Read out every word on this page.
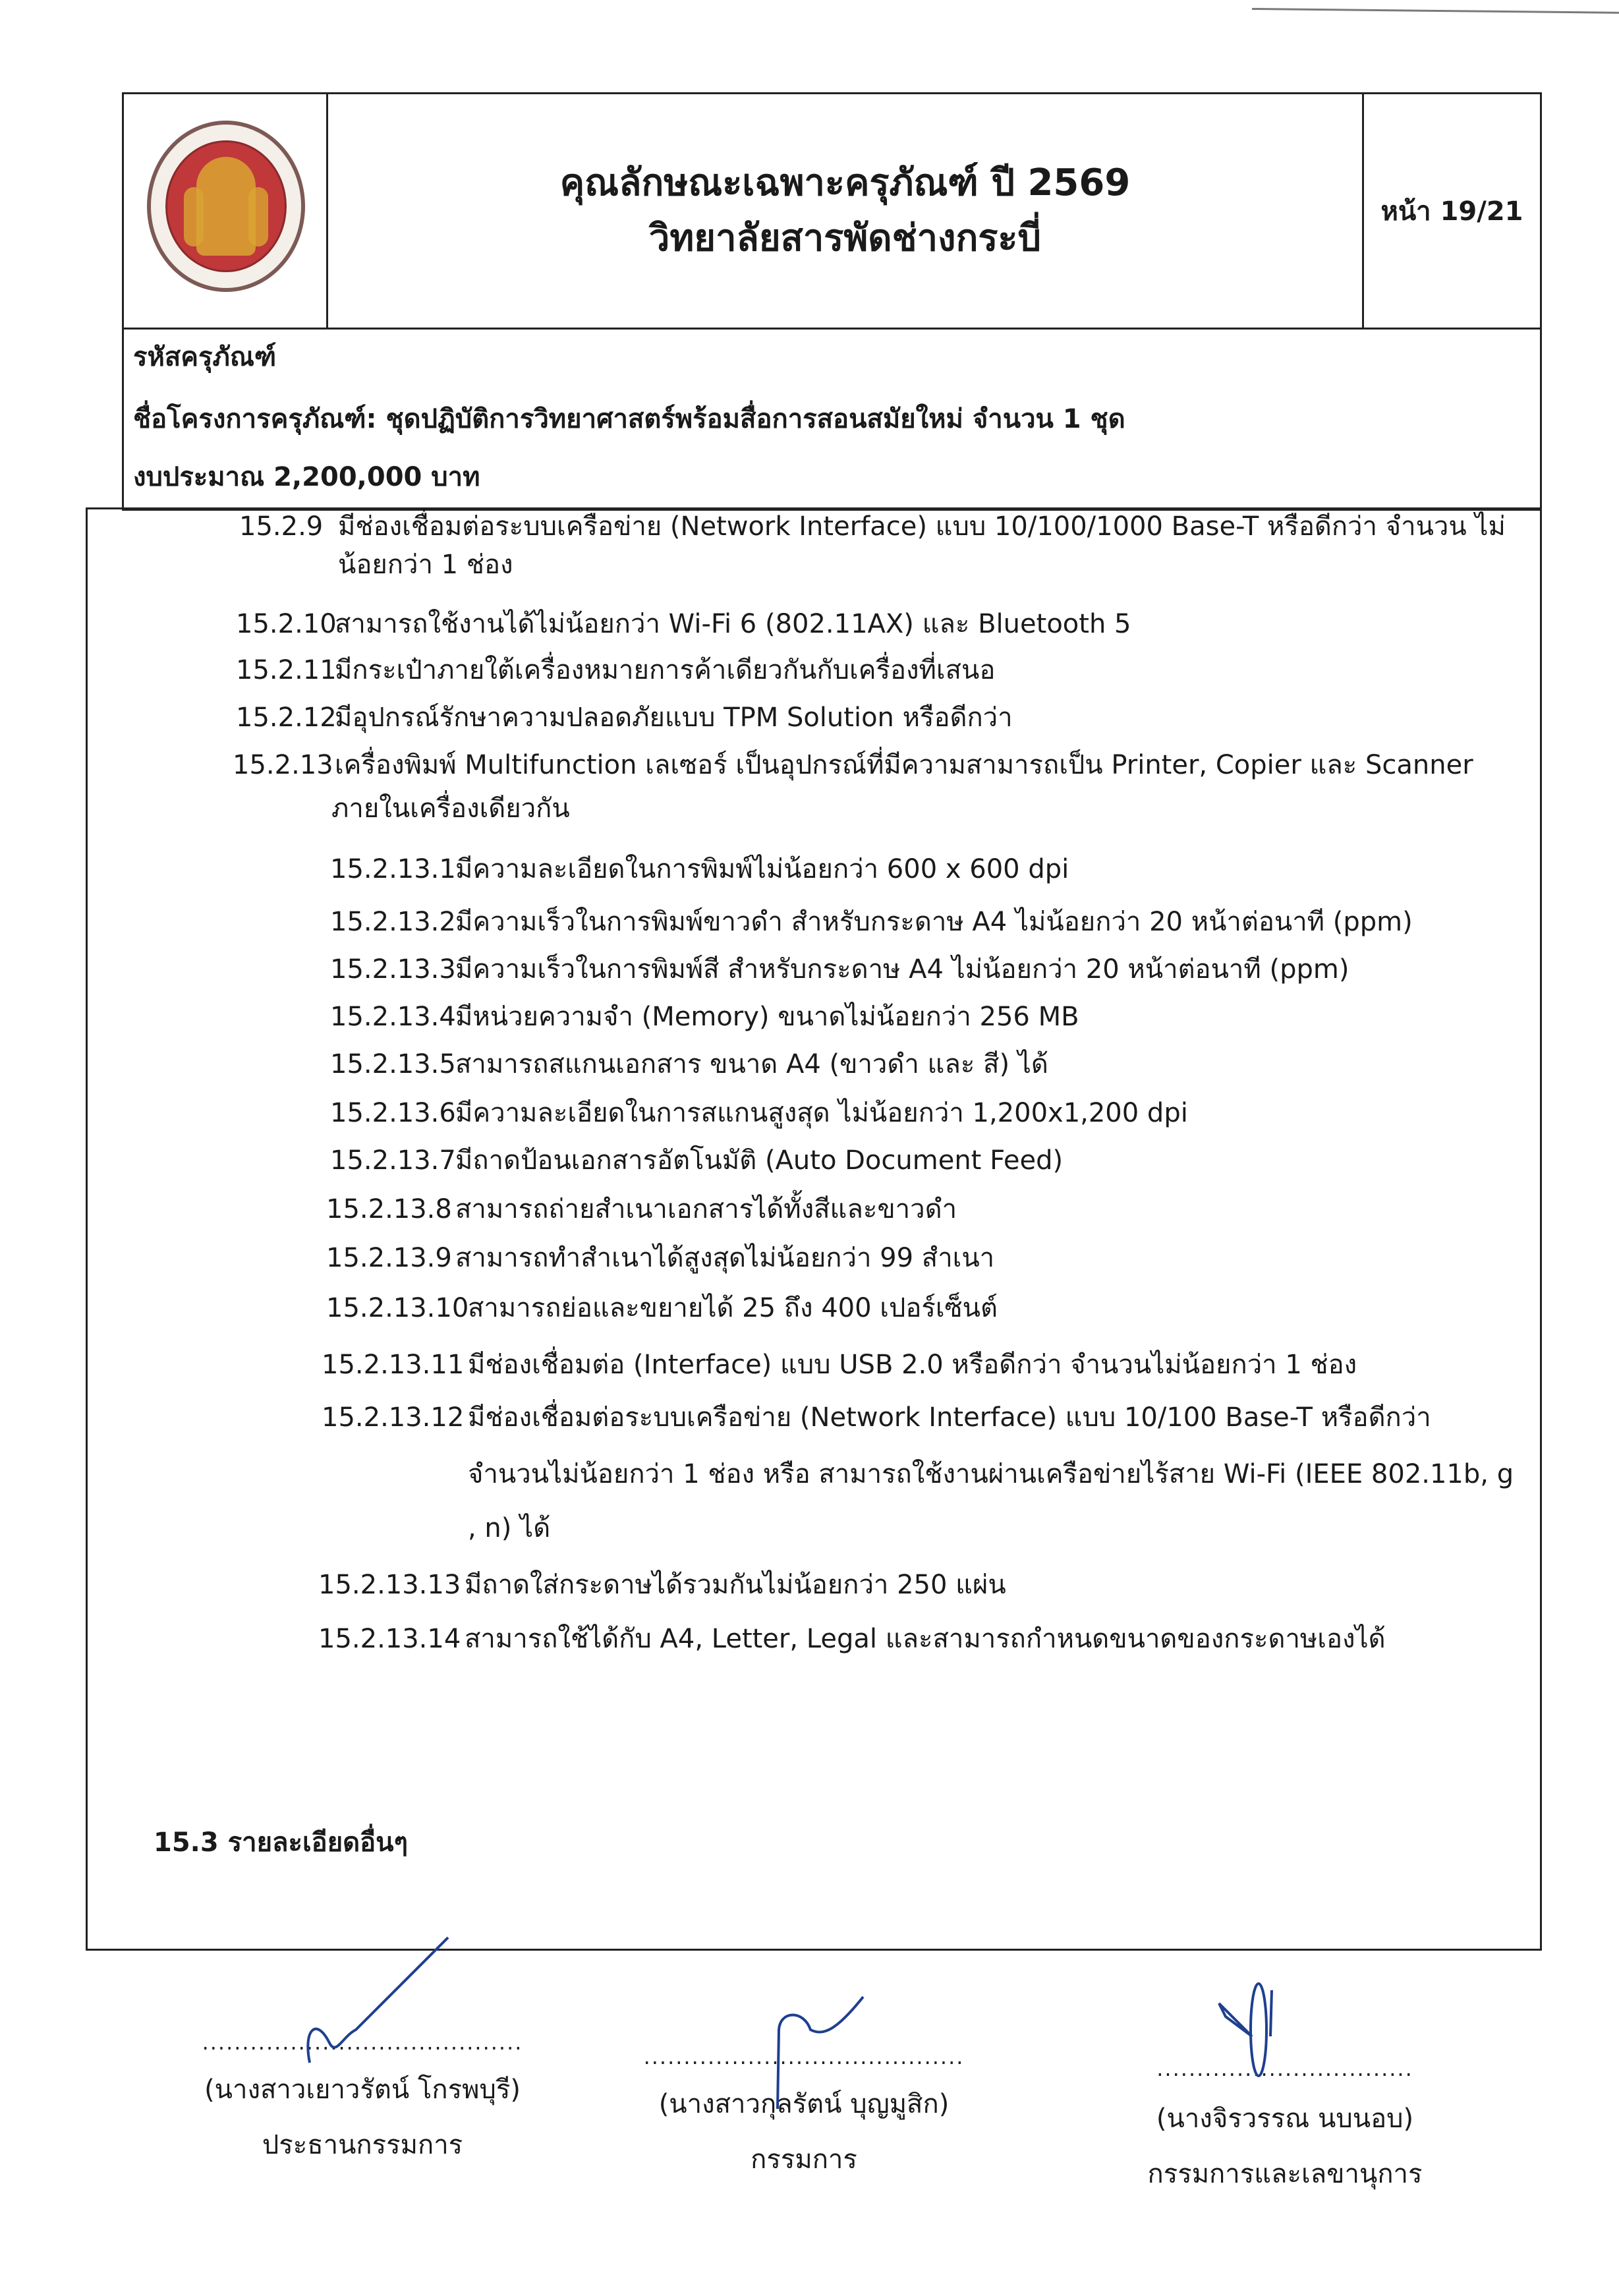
คุณลักษณะเฉพาะครุภัณฑ์ ปี 2569
วิทยาลัยสารพัดช่างกระบี่
หน้า 19/21
รหัสครุภัณฑ์
ชื่อโครงการครุภัณฑ์: ชุดปฏิบัติการวิทยาศาสตร์พร้อมสื่อการสอนสมัยใหม่ จำนวน 1 ชุด
งบประมาณ 2,200,000 บาท
15.2.9 มีช่องเชื่อมต่อระบบเครือข่าย (Network Interface) แบบ 10/100/1000 Base-T หรือดีกว่า จำนวน ไม่
น้อยกว่า 1 ช่อง
15.2.10สามารถใช้งานได้ไม่น้อยกว่า Wi-Fi 6 (802.11AX) และ Bluetooth 5
15.2.11มีกระเป๋าภายใต้เครื่องหมายการค้าเดียวกันกับเครื่องที่เสนอ
15.2.12มีอุปกรณ์รักษาความปลอดภัยแบบ TPM Solution หรือดีกว่า
15.2.13เครื่องพิมพ์ Multifunction เลเซอร์ เป็นอุปกรณ์ที่มีความสามารถเป็น Printer, Copier และ Scanner
ภายในเครื่องเดียวกัน
15.2.13.1มีความละเอียดในการพิมพ์ไม่น้อยกว่า 600 x 600 dpi
15.2.13.2มีความเร็วในการพิมพ์ขาวดำ สำหรับกระดาษ A4 ไม่น้อยกว่า 20 หน้าต่อนาที (ppm)
15.2.13.3มีความเร็วในการพิมพ์สี สำหรับกระดาษ A4 ไม่น้อยกว่า 20 หน้าต่อนาที (ppm)
15.2.13.4มีหน่วยความจำ (Memory) ขนาดไม่น้อยกว่า 256 MB
15.2.13.5สามารถสแกนเอกสาร ขนาด A4 (ขาวดำ และ สี) ได้
15.2.13.6มีความละเอียดในการสแกนสูงสุด ไม่น้อยกว่า 1,200x1,200 dpi
15.2.13.7มีถาดป้อนเอกสารอัตโนมัติ (Auto Document Feed)
15.2.13.8 สามารถถ่ายสำเนาเอกสารได้ทั้งสีและขาวดำ
15.2.13.9 สามารถทำสำเนาได้สูงสุดไม่น้อยกว่า 99 สำเนา
15.2.13.10สามารถย่อและขยายได้ 25 ถึง 400 เปอร์เซ็นต์
15.2.13.11 มีช่องเชื่อมต่อ (Interface) แบบ USB 2.0 หรือดีกว่า จำนวนไม่น้อยกว่า 1 ช่อง
15.2.13.12 มีช่องเชื่อมต่อระบบเครือข่าย (Network Interface) แบบ 10/100 Base-T หรือดีกว่า
จำนวนไม่น้อยกว่า 1 ช่อง หรือ สามารถใช้งานผ่านเครือข่ายไร้สาย Wi-Fi (IEEE 802.11b, g
, n) ได้
15.2.13.13 มีถาดใส่กระดาษได้รวมกันไม่น้อยกว่า 250 แผ่น
15.2.13.14 สามารถใช้ได้กับ A4, Letter, Legal และสามารถกำหนดขนาดของกระดาษเองได้
15.3 รายละเอียดอื่นๆ
........................................
(นางสาวเยาวรัตน์ โกรพบุรี)
ประธานกรรมการ
........................................
(นางสาวกุลรัตน์ บุญมูสิก)
กรรมการ
................................
(นางจิรวรรณ นบนอบ)
กรรมการและเลขานุการ
